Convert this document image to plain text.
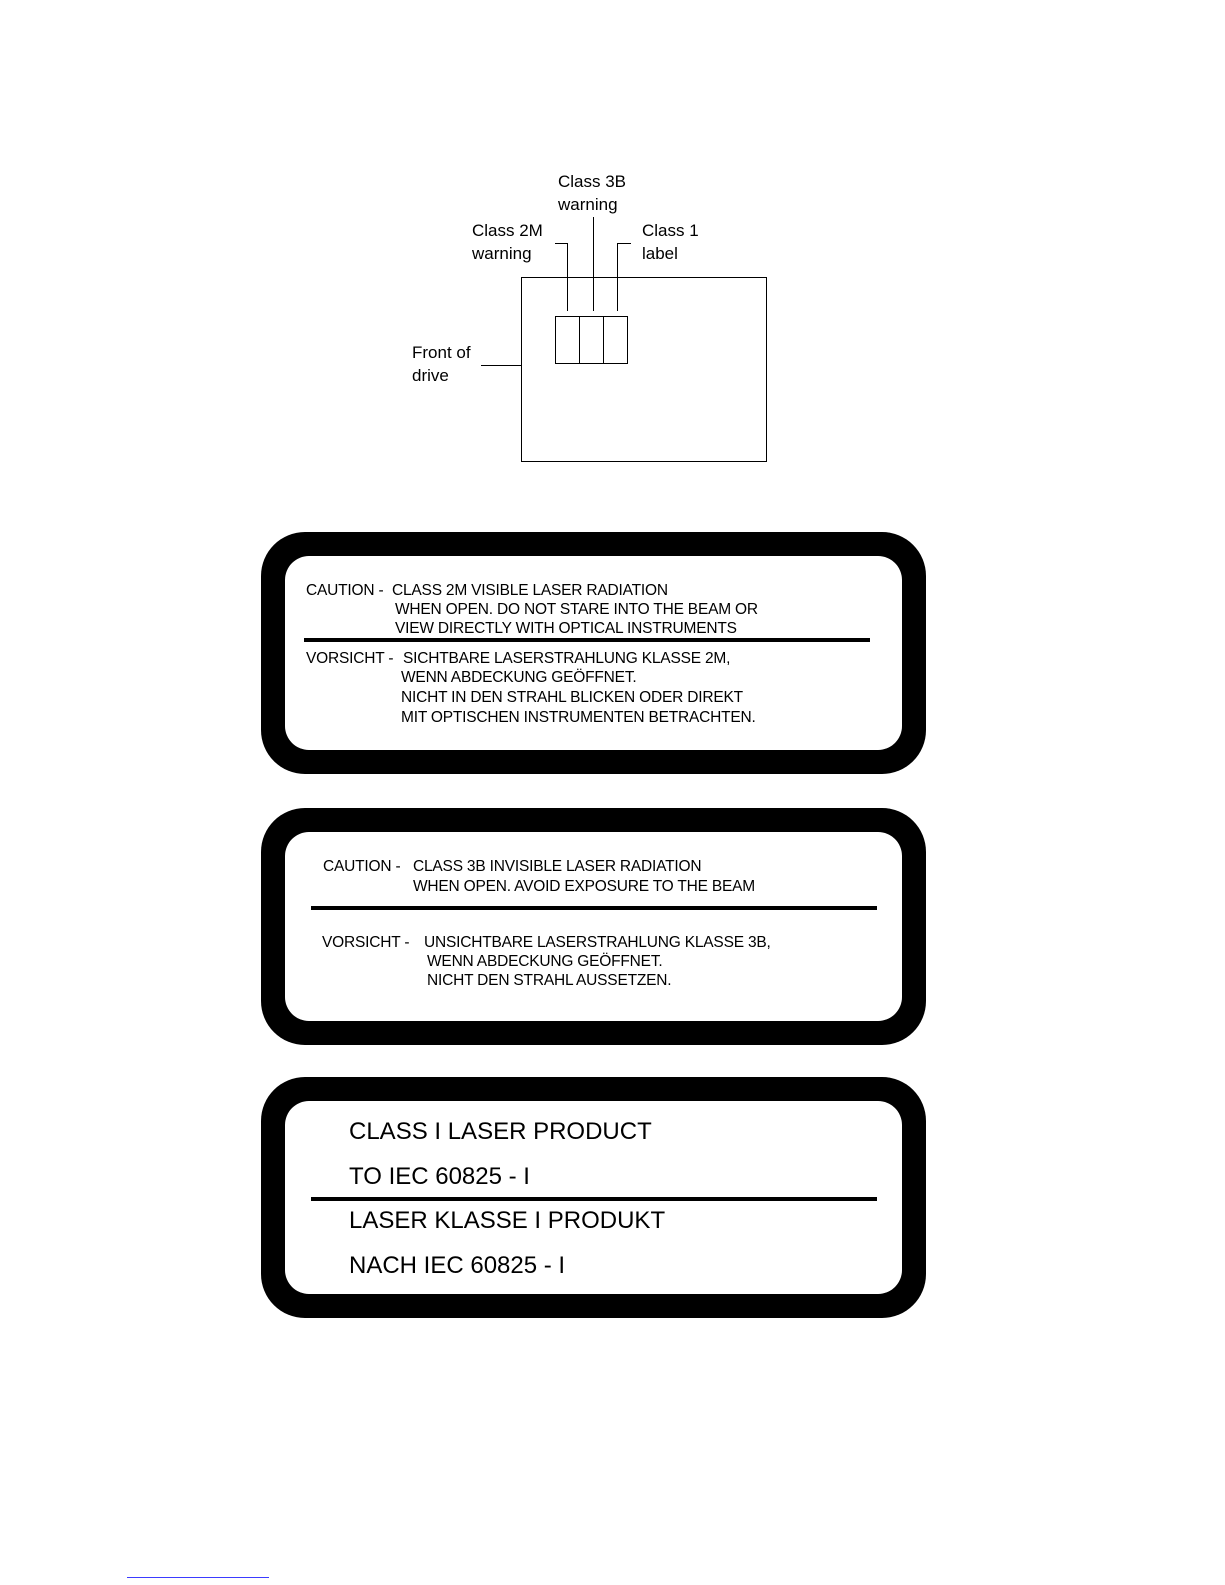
Class 3B
warning
Class 2M
warning
Class 1
label
Front of
drive
CAUTION - CLASS 2M VISIBLE LASER RADIATION
WHEN OPEN. DO NOT STARE INTO THE BEAM OR
VIEW DIRECTLY WITH OPTICAL INSTRUMENTS
VORSICHT - SICHTBARE LASERSTRAHLUNG KLASSE 2M,
WENN ABDECKUNG GEÖFFNET.
NICHT IN DEN STRAHL BLICKEN ODER DIREKT
MIT OPTISCHEN INSTRUMENTEN BETRACHTEN.
CAUTION - CLASS 3B INVISIBLE LASER RADIATION
WHEN OPEN. AVOID EXPOSURE TO THE BEAM
VORSICHT - UNSICHTBARE LASERSTRAHLUNG KLASSE 3B,
WENN ABDECKUNG GEÖFFNET.
NICHT DEN STRAHL AUSSETZEN.
CLASS I LASER PRODUCT
TO IEC 60825 - I
LASER KLASSE I PRODUKT
NACH IEC 60825 - I
